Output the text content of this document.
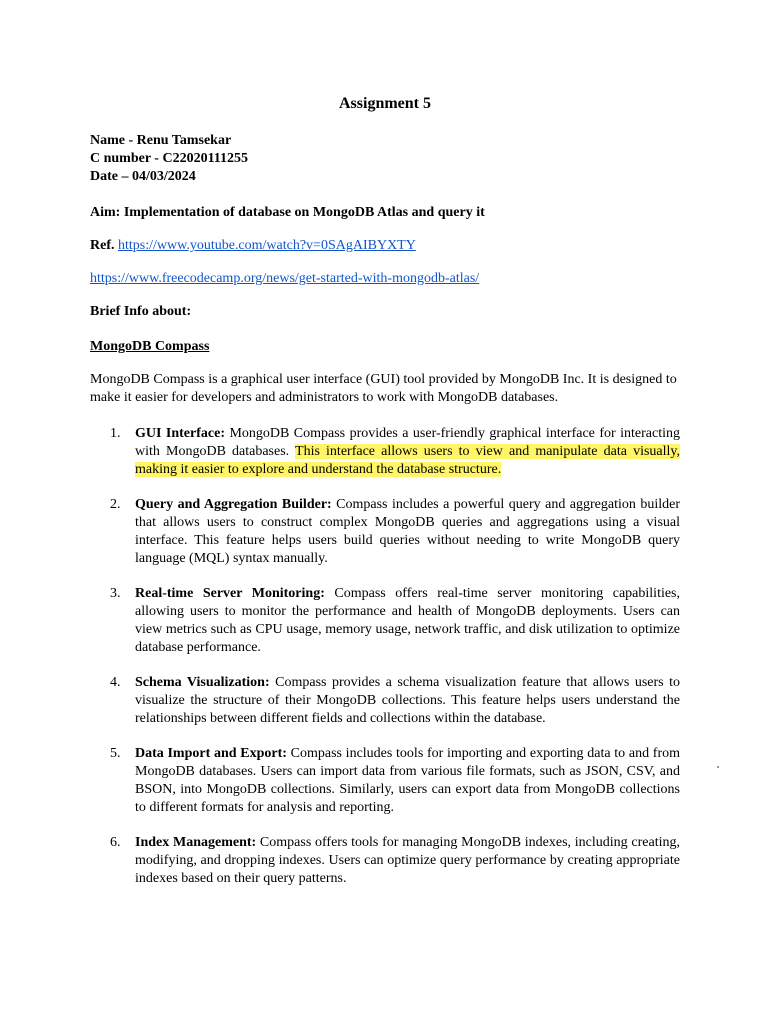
Assignment 5
Name - Renu Tamsekar
C number - C22020111255
Date – 04/03/2024
Aim: Implementation of database on MongoDB Atlas and query it
Ref. https://www.youtube.com/watch?v=0SAgAIBYXTY
https://www.freecodecamp.org/news/get-started-with-mongodb-atlas/
Brief Info about:
MongoDB Compass
MongoDB Compass is a graphical user interface (GUI) tool provided by MongoDB Inc. It is designed to make it easier for developers and administrators to work with MongoDB databases.
1. GUI Interface: MongoDB Compass provides a user-friendly graphical interface for interacting with MongoDB databases. This interface allows users to view and manipulate data visually, making it easier to explore and understand the database structure.
2. Query and Aggregation Builder: Compass includes a powerful query and aggregation builder that allows users to construct complex MongoDB queries and aggregations using a visual interface. This feature helps users build queries without needing to write MongoDB query language (MQL) syntax manually.
3. Real-time Server Monitoring: Compass offers real-time server monitoring capabilities, allowing users to monitor the performance and health of MongoDB deployments. Users can view metrics such as CPU usage, memory usage, network traffic, and disk utilization to optimize database performance.
4. Schema Visualization: Compass provides a schema visualization feature that allows users to visualize the structure of their MongoDB collections. This feature helps users understand the relationships between different fields and collections within the database.
5. Data Import and Export: Compass includes tools for importing and exporting data to and from MongoDB databases. Users can import data from various file formats, such as JSON, CSV, and BSON, into MongoDB collections. Similarly, users can export data from MongoDB collections to different formats for analysis and reporting.
6. Index Management: Compass offers tools for managing MongoDB indexes, including creating, modifying, and dropping indexes. Users can optimize query performance by creating appropriate indexes based on their query patterns.
